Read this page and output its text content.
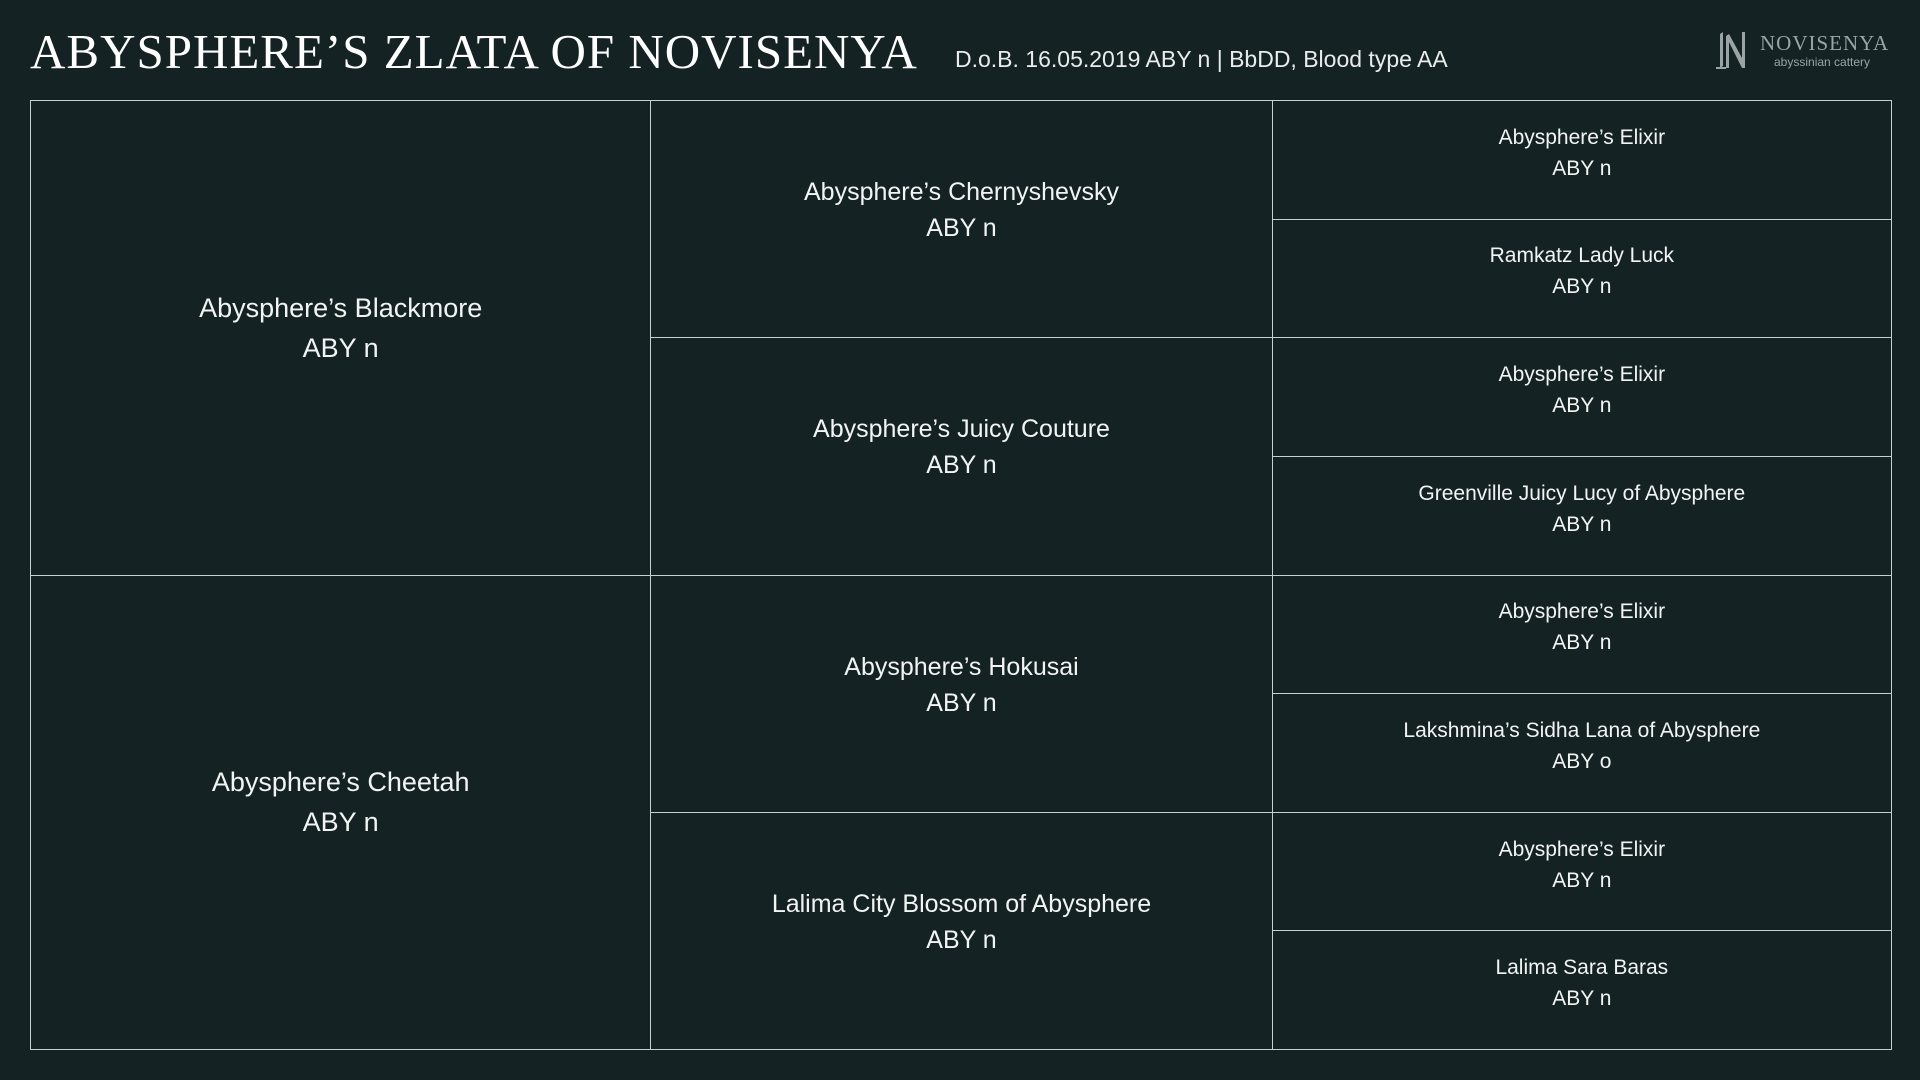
ABYSPHERE’S ZLATA OF NOVISENYA D.o.B. 16.05.2019 ABY n | BbDD, Blood type AA
NOVISENYA
abyssinian cattery
Abysphere’s Blackmore
ABY n
Abysphere’s Cheetah
ABY n
Abysphere’s Chernyshevsky
ABY n
Abysphere’s Juicy Couture
ABY n
Abysphere’s Hokusai
ABY n
Lalima City Blossom of Abysphere
ABY n
Abysphere’s Elixir
ABY n
Ramkatz Lady Luck
ABY n
Abysphere’s Elixir
ABY n
Greenville Juicy Lucy of Abysphere
ABY n
Abysphere’s Elixir
ABY n
Lakshmina’s Sidha Lana of Abysphere
ABY o
Abysphere’s Elixir
ABY n
Lalima Sara Baras
ABY n
